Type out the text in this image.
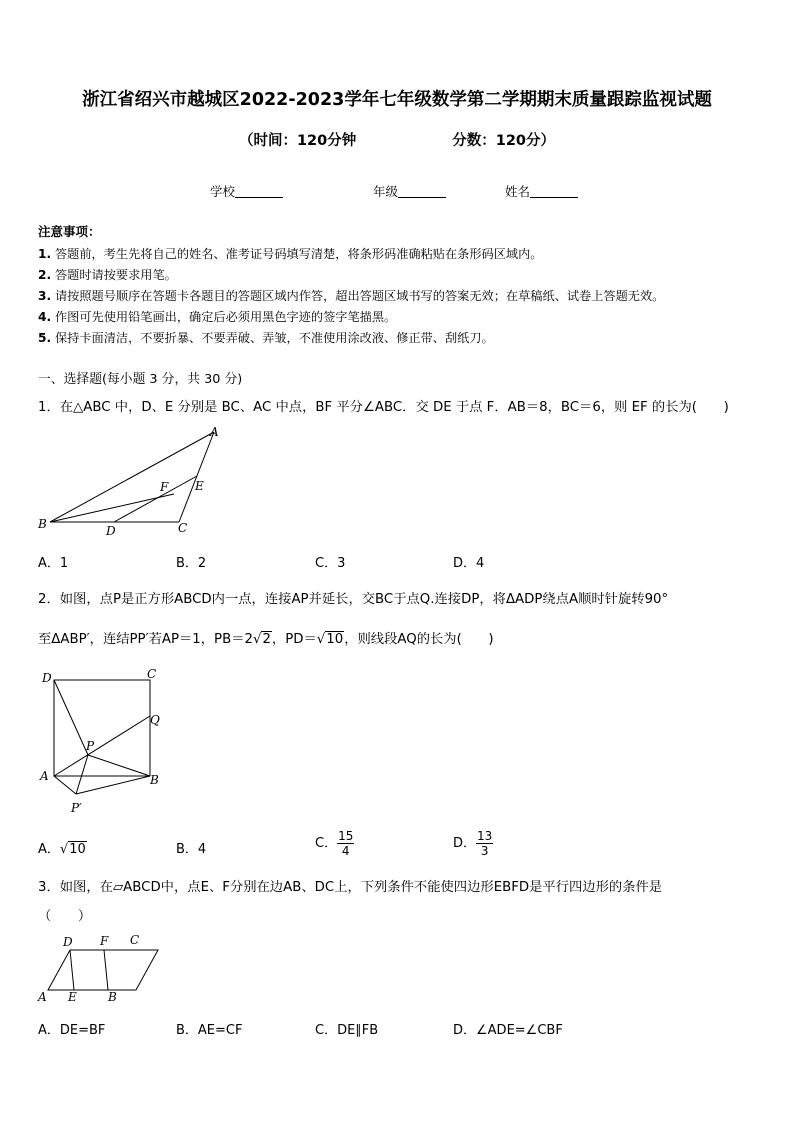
浙江省绍兴市越城区2022-2023学年七年级数学第二学期期末质量跟踪监视试题
（时间：120分钟	分数：120分）
学校	年级	姓名
注意事项：
1. 答题前，考生先将自己的姓名、准考证号码填写清楚，将条形码准确粘贴在条形码区域内。
2. 答题时请按要求用笔。
3. 请按照题号顺序在答题卡各题目的答题区域内作答，超出答题区域书写的答案无效；在草稿纸、试卷上答题无效。
4. 作图可先使用铅笔画出，确定后必须用黑色字迹的签字笔描黑。
5. 保持卡面清洁，不要折暴、不要弄破、弄皱，不准使用涂改液、修正带、刮纸刀。
一、选择题(每小题 3 分，共 30 分)
1．在△ABC 中，D、E 分别是 BC、AC 中点，BF 平分∠ABC．交 DE 于点 F．AB＝8，BC＝6，则 EF 的长为(　　)
A
B	C
D
E
F
A．1	B．2	C．3	D．4
2．如图，点P是正方形ABCD内一点，连接AP并延长，交BC于点Q.连接DP，将ΔADP绕点A顺时针旋转90°
至ΔABP′，连结PP′若AP＝1，PB＝2√2，PD＝√10，则线段AQ的长为(　　)
D	C
Q
P
A	B
P′
A．√10	B．4	C． $\frac{15}{4}$	D． $\frac{13}{3}$
3．如图，在▱ABCD中，点E、F分别在边AB、DC上，下列条件不能使四边形EBFD是平行四边形的条件是
（　　）
A E	B
D F C
A．DE=BF	B．AE=CF	C．DE∥FB	D．∠ADE=∠CBF
